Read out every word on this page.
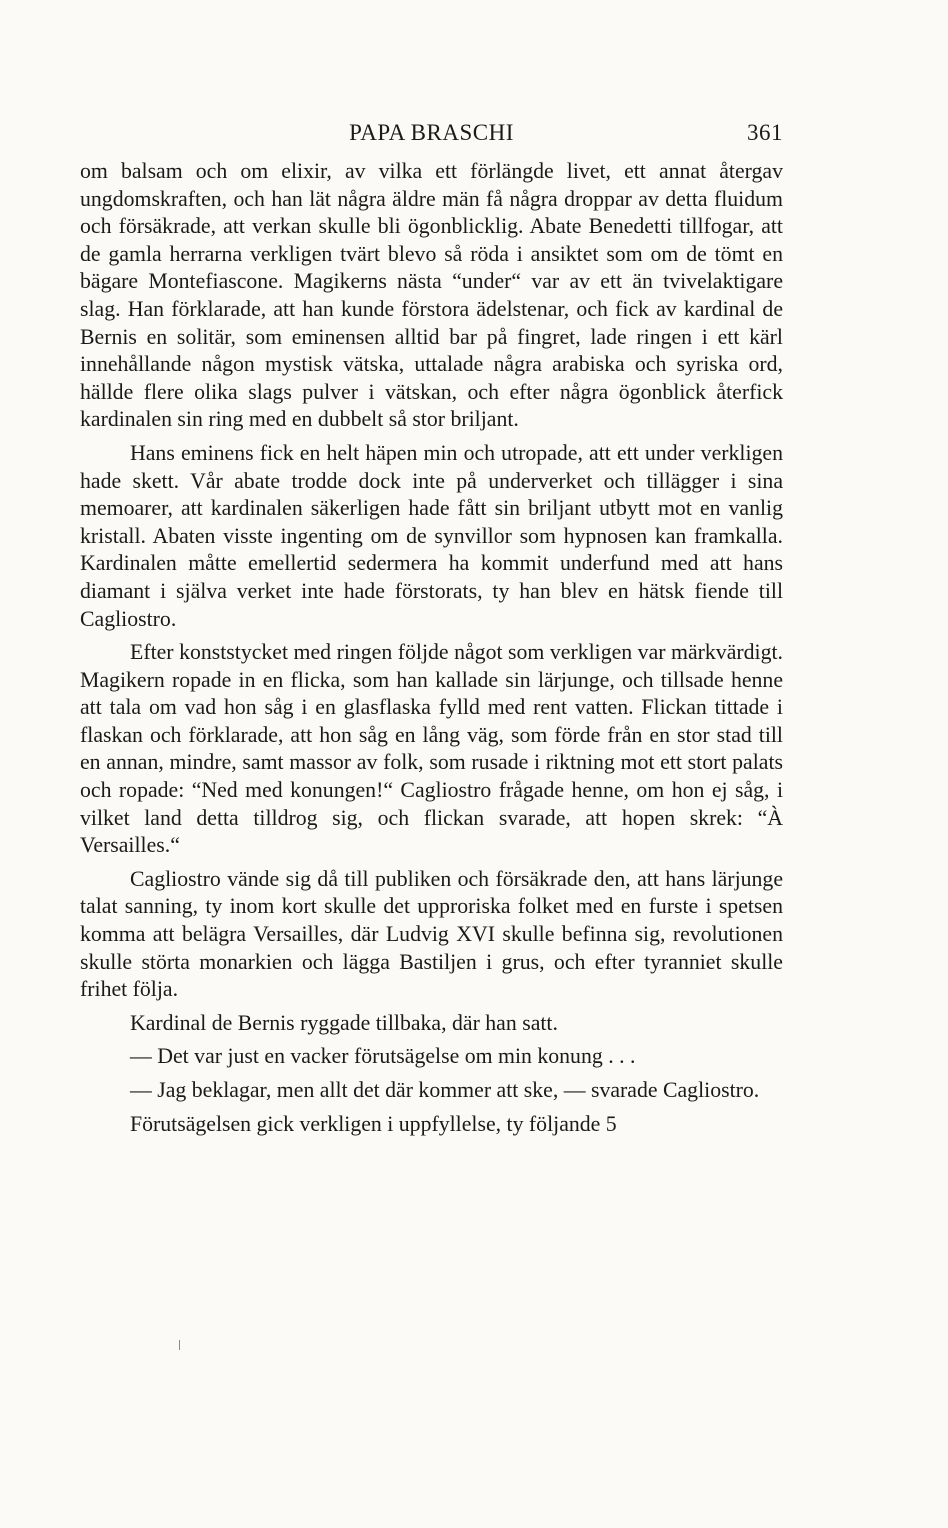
PAPA BRASCHI	361

om balsam och om elixir, av vilka ett förlängde livet, ett annat återgav ungdomskraften, och han lät några äldre män få några droppar av detta fluidum och försäkrade, att verkan skulle bli ögonblicklig. Abate Benedetti tillfogar, att de gamla herrarna verkligen tvärt blevo så röda i ansiktet som om de tömt en bägare Montefiascone. Magikerns nästa “under“ var av ett än tvivelaktigare slag. Han förklarade, att han kunde förstora ädelstenar, och fick av kardinal de Bernis en solitär, som eminensen alltid bar på fingret, lade ringen i ett kärl innehållande någon mystisk vätska, uttalade några arabiska och syriska ord, hällde flere olika slags pulver i vätskan, och efter några ögonblick återfick kardinalen sin ring med en dubbelt så stor briljant.

Hans eminens fick en helt häpen min och utropade, att ett under verkligen hade skett. Vår abate trodde dock inte på underverket och tillägger i sina memoarer, att kardinalen säkerligen hade fått sin briljant utbytt mot en vanlig kristall. Abaten visste ingenting om de synvillor som hypnosen kan framkalla. Kardinalen måtte emellertid sedermera ha kommit underfund med att hans diamant i själva verket inte hade förstorats, ty han blev en hätsk fiende till Cagliostro.

Efter konststycket med ringen följde något som verkligen var märkvärdigt. Magikern ropade in en flicka, som han kallade sin lärjunge, och tillsade henne att tala om vad hon såg i en glasflaska fylld med rent vatten. Flickan tittade i flaskan och förklarade, att hon såg en lång väg, som förde från en stor stad till en annan, mindre, samt massor av folk, som rusade i riktning mot ett stort palats och ropade: “Ned med konungen!“ Cagliostro frågade henne, om hon ej såg, i vilket land detta tilldrog sig, och flickan svarade, att hopen skrek: “À Versailles.“

Cagliostro vände sig då till publiken och försäkrade den, att hans lärjunge talat sanning, ty inom kort skulle det upproriska folket med en furste i spetsen komma att belägra Versailles, där Ludvig XVI skulle befinna sig, revolutionen skulle störta monarkien och lägga Bastiljen i grus, och efter tyranniet skulle frihet följa.

Kardinal de Bernis ryggade tillbaka, där han satt.

— Det var just en vacker förutsägelse om min konung . . .

— Jag beklagar, men allt det där kommer att ske, — svarade Cagliostro.

Förutsägelsen gick verkligen i uppfyllelse, ty följande 5
